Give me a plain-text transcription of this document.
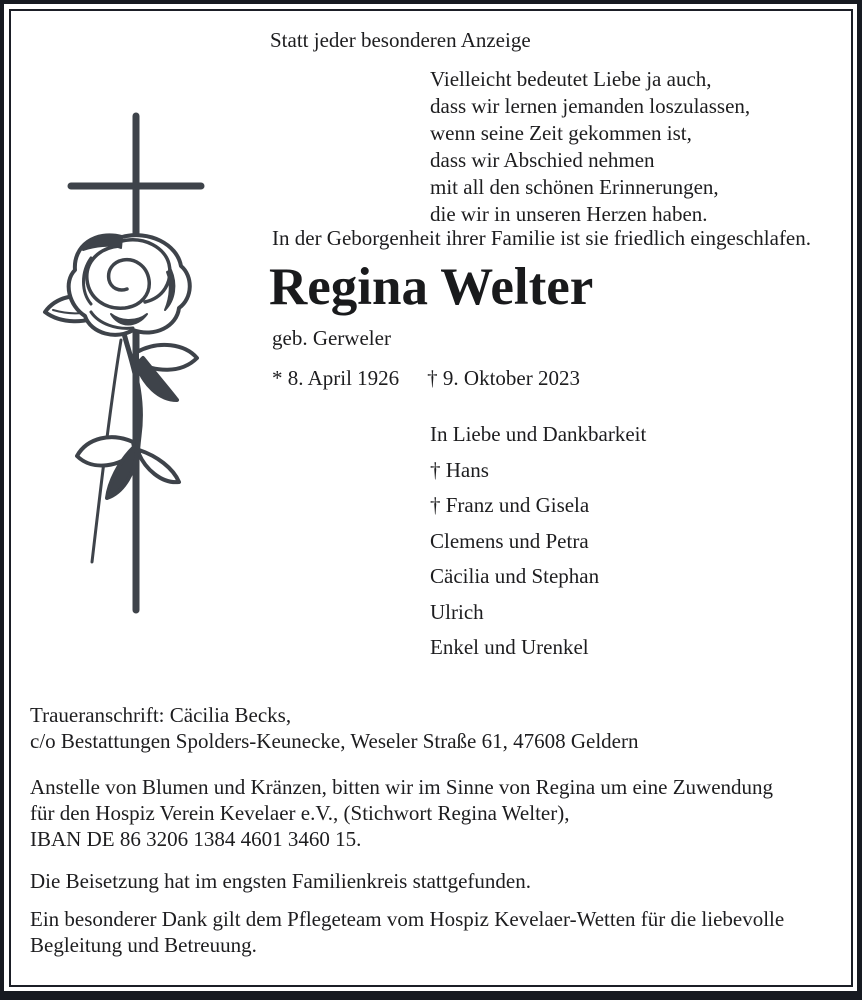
Statt jeder besonderen Anzeige
Vielleicht bedeutet Liebe ja auch,
dass wir lernen jemanden loszulassen,
wenn seine Zeit gekommen ist,
dass wir Abschied nehmen
mit all den schönen Erinnerungen,
die wir in unseren Herzen haben.
In der Geborgenheit ihrer Familie ist sie friedlich eingeschlafen.
Regina Welter
geb. Gerweler
* 8. April 1926 † 9. Oktober 2023
In Liebe und Dankbarkeit
† Hans
† Franz und Gisela
Clemens und Petra
Cäcilia und Stephan
Ulrich
Enkel und Urenkel
Traueranschrift: Cäcilia Becks,
c/o Bestattungen Spolders-Keunecke, Weseler Straße 61, 47608 Geldern
Anstelle von Blumen und Kränzen, bitten wir im Sinne von Regina um eine Zuwendung
für den Hospiz Verein Kevelaer e.V., (Stichwort Regina Welter),
IBAN DE 86 3206 1384 4601 3460 15.
Die Beisetzung hat im engsten Familienkreis stattgefunden.
Ein besonderer Dank gilt dem Pflegeteam vom Hospiz Kevelaer-Wetten für die liebevolle
Begleitung und Betreuung.
